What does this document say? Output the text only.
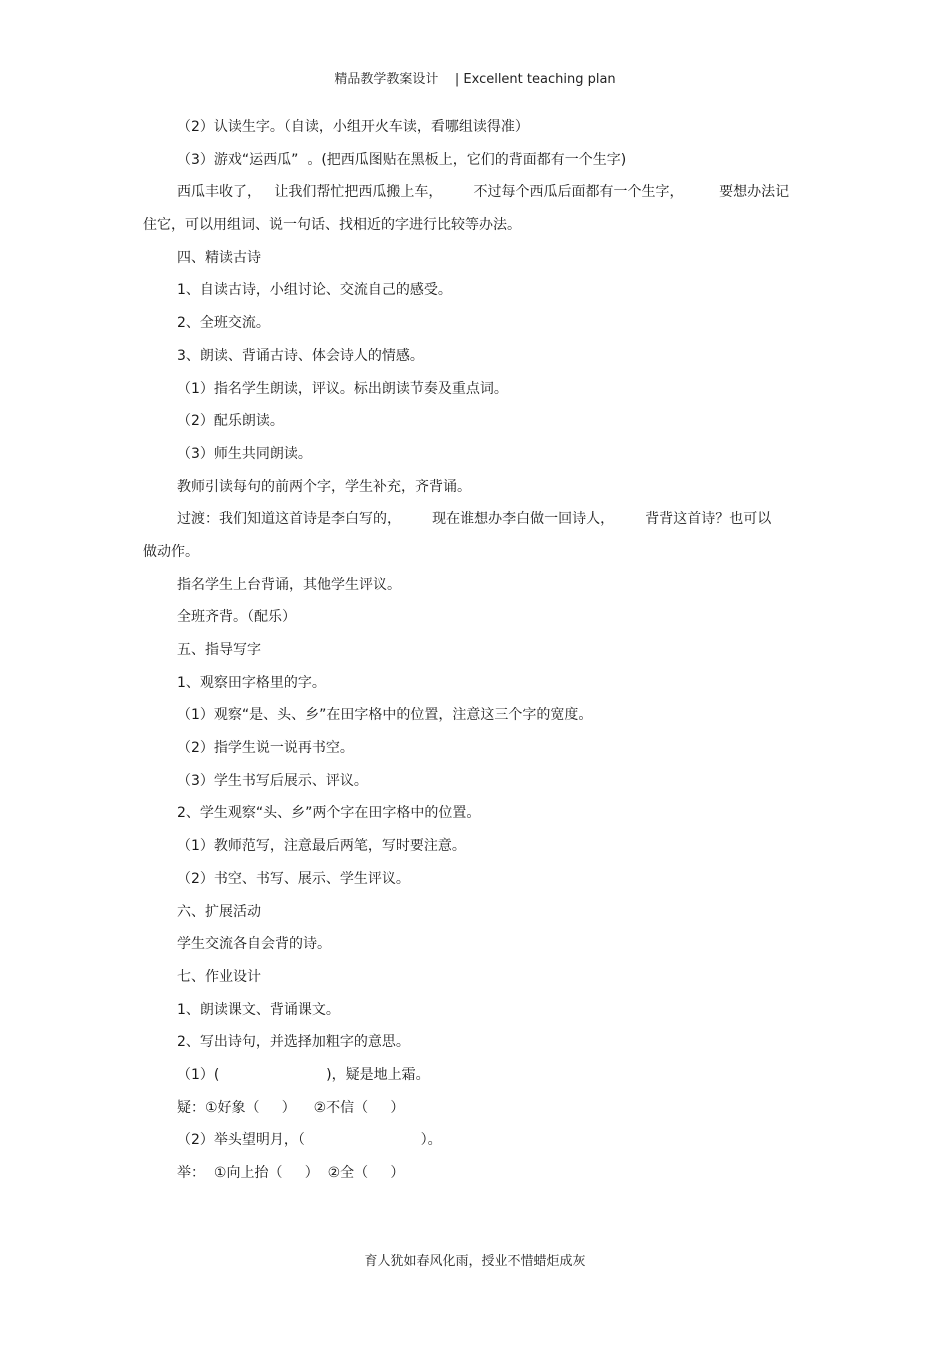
精品教学教案设计    | Excellent teaching plan
（2）认读生字。（自读，小组开火车读，看哪组读得准）
（3）游戏“运西瓜”  。(把西瓜图贴在黑板上，它们的背面都有一个生字)
西瓜丰收了，   让我们帮忙把西瓜搬上车，       不过每个西瓜后面都有一个生字，        要想办法记
住它，可以用组词、说一句话、找相近的字进行比较等办法。
四、精读古诗
1、自读古诗，小组讨论、交流自己的感受。
2、全班交流。
3、朗读、背诵古诗、体会诗人的情感。
（1）指名学生朗读，评议。标出朗读节奏及重点词。
（2）配乐朗读。
（3）师生共同朗读。
教师引读每句的前两个字，学生补充，齐背诵。
过渡：我们知道这首诗是李白写的，       现在谁想办李白做一回诗人，       背背这首诗？也可以
做动作。
指名学生上台背诵，其他学生评议。
全班齐背。（配乐）
五、指导写字
1、观察田字格里的字。
（1）观察“是、头、乡”在田字格中的位置，注意这三个字的宽度。
（2）指学生说一说再书空。
（3）学生书写后展示、评议。
2、学生观察“头、乡”两个字在田字格中的位置。
（1）教师范写，注意最后两笔，写时要注意。
（2）书空、书写、展示、学生评议。
六、扩展活动
学生交流各自会背的诗。
七、作业设计
1、朗读课文、背诵课文。
2、写出诗句，并选择加粗字的意思。
（1）(                        )，疑是地上霜。
疑：①好象（     ）    ②不信（     ）
（2）举头望明月，（                          ）。
举：  ①向上抬（     ）  ②全（     ）
育人犹如春风化雨，授业不惜蜡炬成灰
